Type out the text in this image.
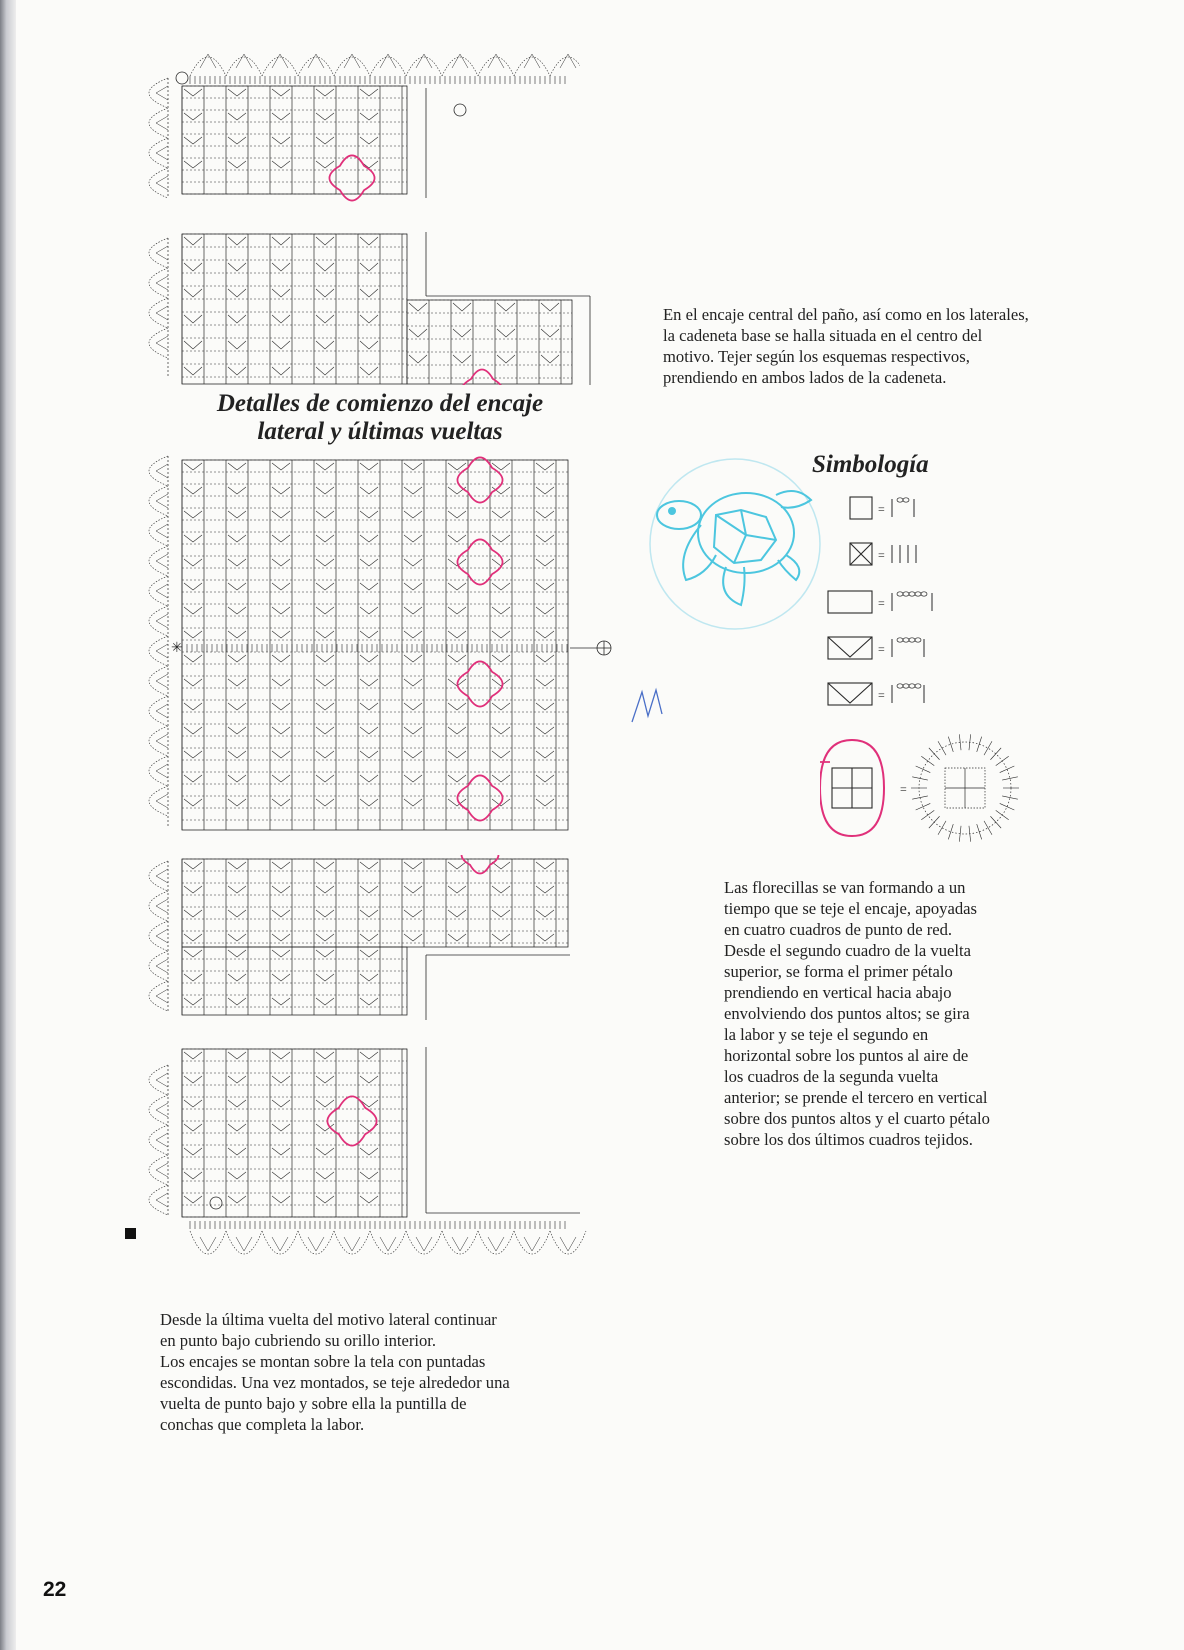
✳
Detalles de comienzo del encaje
lateral y últimas vueltas

En el encaje central del paño, así como en los laterales,
la cadeneta base se halla situada en el centro del
motivo. Tejer según los esquemas respectivos,
prendiendo en ambos lados de la cadeneta.

Simbología
=
=
=
=
=
=

Las florecillas se van formando a un
tiempo que se teje el encaje, apoyadas
en cuatro cuadros de punto de red.
Desde el segundo cuadro de la vuelta
superior, se forma el primer pétalo
prendiendo en vertical hacia abajo
envolviendo dos puntos altos; se gira
la labor y se teje el segundo en
horizontal sobre los puntos al aire de
los cuadros de la segunda vuelta
anterior; se prende el tercero en vertical
sobre dos puntos altos y el cuarto pétalo
sobre los dos últimos cuadros tejidos.

Desde la última vuelta del motivo lateral continuar
en punto bajo cubriendo su orillo interior.
Los encajes se montan sobre la tela con puntadas
escondidas. Una vez montados, se teje alrededor una
vuelta de punto bajo y sobre ella la puntilla de
conchas que completa la labor.

22
